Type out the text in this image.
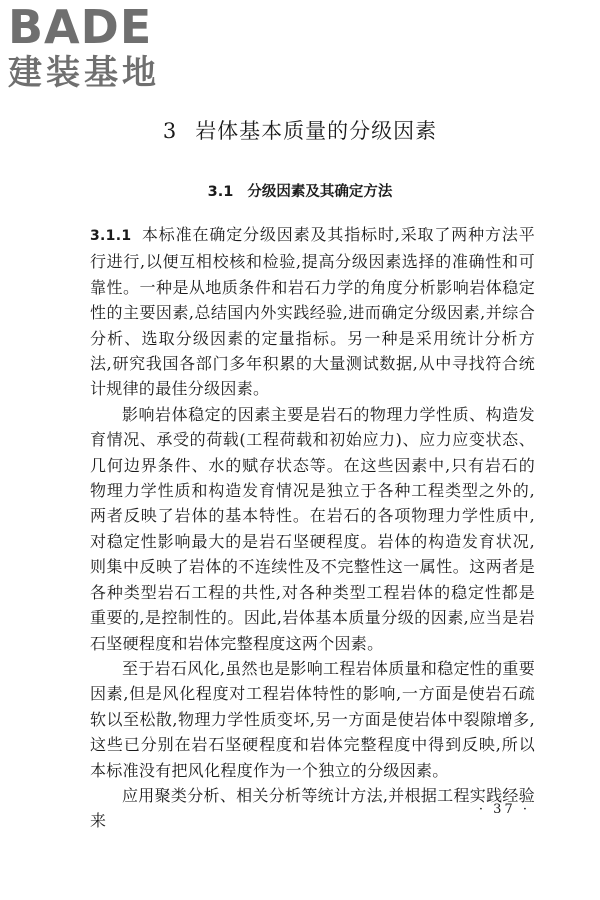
BADE
建装基地
3 岩体基本质量的分级因素
3.1 分级因素及其确定方法

3.1.1 本标准在确定分级因素及其指标时,采取了两种方法平行进行,以便互相校核和检验,提高分级因素选择的准确性和可靠性。一种是从地质条件和岩石力学的角度分析影响岩体稳定性的主要因素,总结国内外实践经验,进而确定分级因素,并综合分析、选取分级因素的定量指标。另一种是采用统计分析方法,研究我国各部门多年积累的大量测试数据,从中寻找符合统计规律的最佳分级因素。

影响岩体稳定的因素主要是岩石的物理力学性质、构造发育情况、承受的荷载(工程荷载和初始应力)、应力应变状态、几何边界条件、水的赋存状态等。在这些因素中,只有岩石的物理力学性质和构造发育情况是独立于各种工程类型之外的,两者反映了岩体的基本特性。在岩石的各项物理力学性质中,对稳定性影响最大的是岩石坚硬程度。岩体的构造发育状况,则集中反映了岩体的不连续性及不完整性这一属性。这两者是各种类型岩石工程的共性,对各种类型工程岩体的稳定性都是重要的,是控制性的。因此,岩体基本质量分级的因素,应当是岩石坚硬程度和岩体完整程度这两个因素。

至于岩石风化,虽然也是影响工程岩体质量和稳定性的重要因素,但是风化程度对工程岩体特性的影响,一方面是使岩石疏软以至松散,物理力学性质变坏,另一方面是使岩体中裂隙增多,这些已分别在岩石坚硬程度和岩体完整程度中得到反映,所以本标准没有把风化程度作为一个独立的分级因素。

应用聚类分析、相关分析等统计方法,并根据工程实践经验来

· 37 ·
